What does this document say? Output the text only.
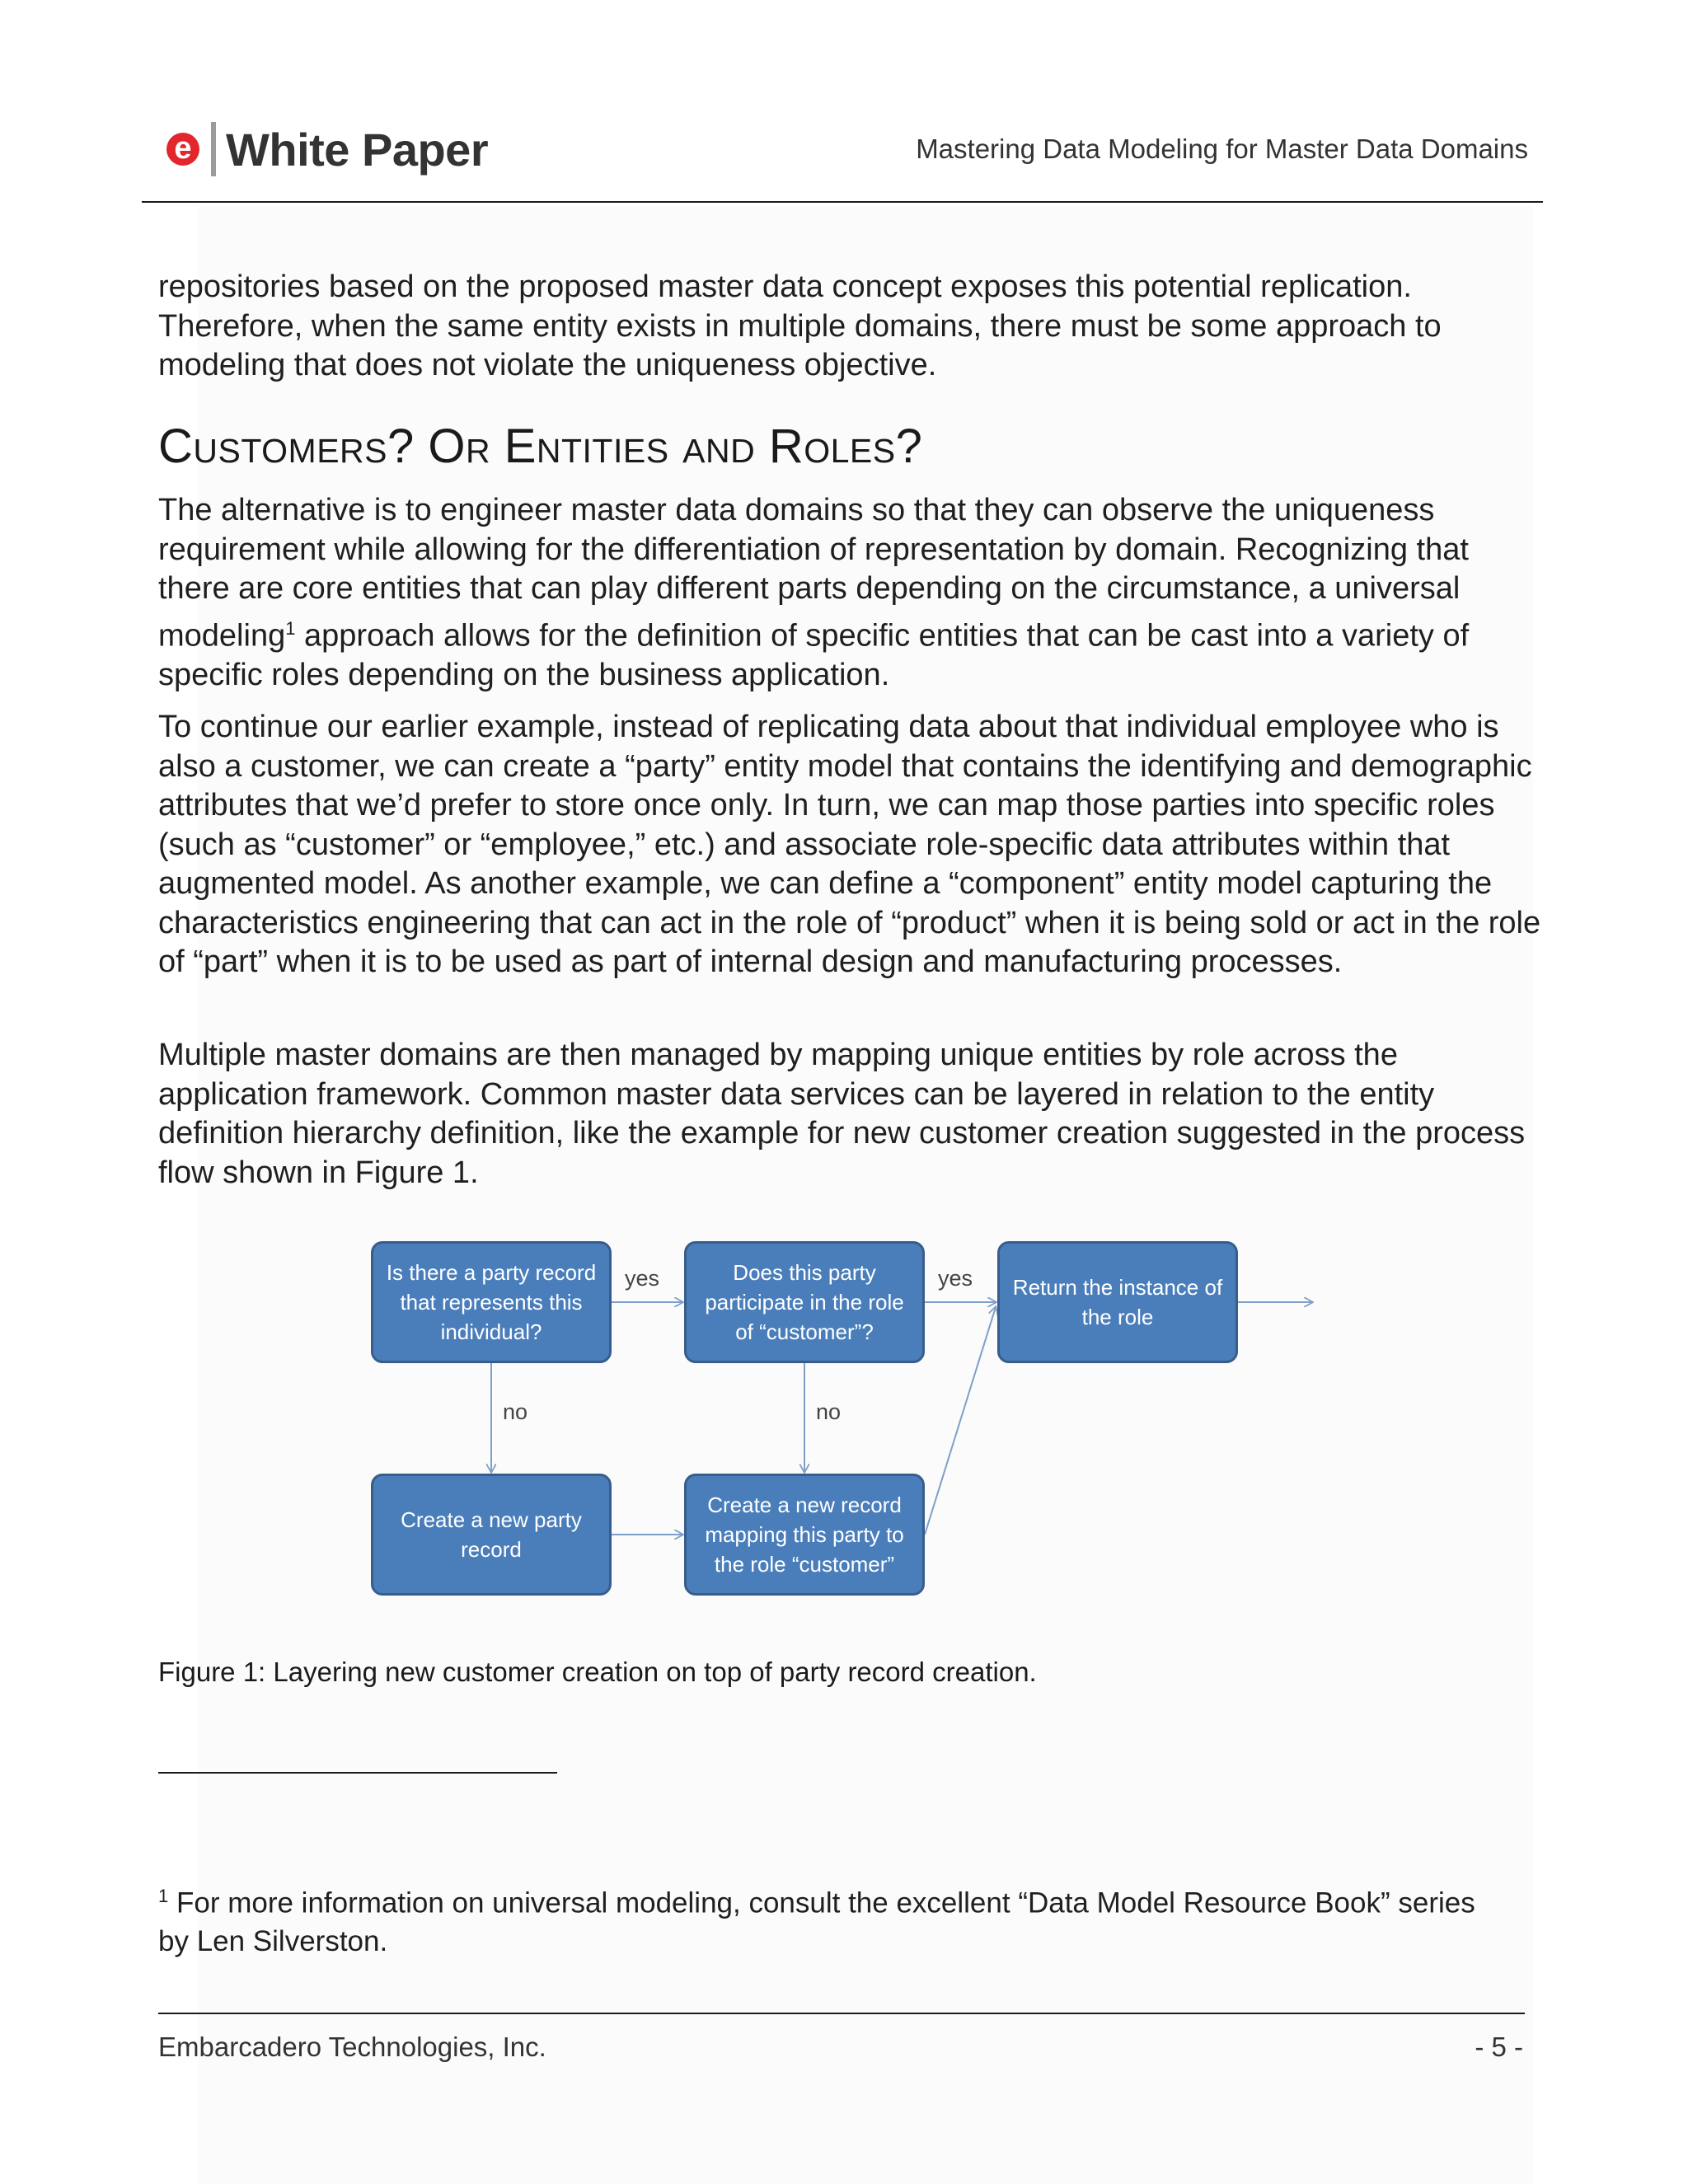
e White Paper	Mastering Data Modeling for Master Data Domains

repositories based on the proposed master data concept exposes this potential replication. Therefore, when the same entity exists in multiple domains, there must be some approach to modeling that does not violate the uniqueness objective.

Customers? Or Entities and Roles?

The alternative is to engineer master data domains so that they can observe the uniqueness requirement while allowing for the differentiation of representation by domain. Recognizing that there are core entities that can play different parts depending on the circumstance, a universal modeling$^1$ approach allows for the definition of specific entities that can be cast into a variety of specific roles depending on the business application.

To continue our earlier example, instead of replicating data about that individual employee who is also a customer, we can create a “party” entity model that contains the identifying and demographic attributes that we’d prefer to store once only. In turn, we can map those parties into specific roles (such as “customer” or “employee,” etc.) and associate role-specific data attributes within that augmented model. As another example, we can define a “component” entity model capturing the characteristics engineering that can act in the role of “product” when it is being sold or act in the role of “part” when it is to be used as part of internal design and manufacturing processes.

Multiple master domains are then managed by mapping unique entities by role across the application framework. Common master data services can be layered in relation to the entity definition hierarchy definition, like the example for new customer creation suggested in the process flow shown in Figure 1.

Is there a party record that represents this individual?
Does this party participate in the role of “customer”?
Return the instance of the role
Create a new party record
Create a new record mapping this party to the role “customer”
yes	yes
no	no

Figure 1: Layering new customer creation on top of party record creation.

$^1$ For more information on universal modeling, consult the excellent “Data Model Resource Book” series by Len Silverston.

Embarcadero Technologies, Inc.	- 5 -
